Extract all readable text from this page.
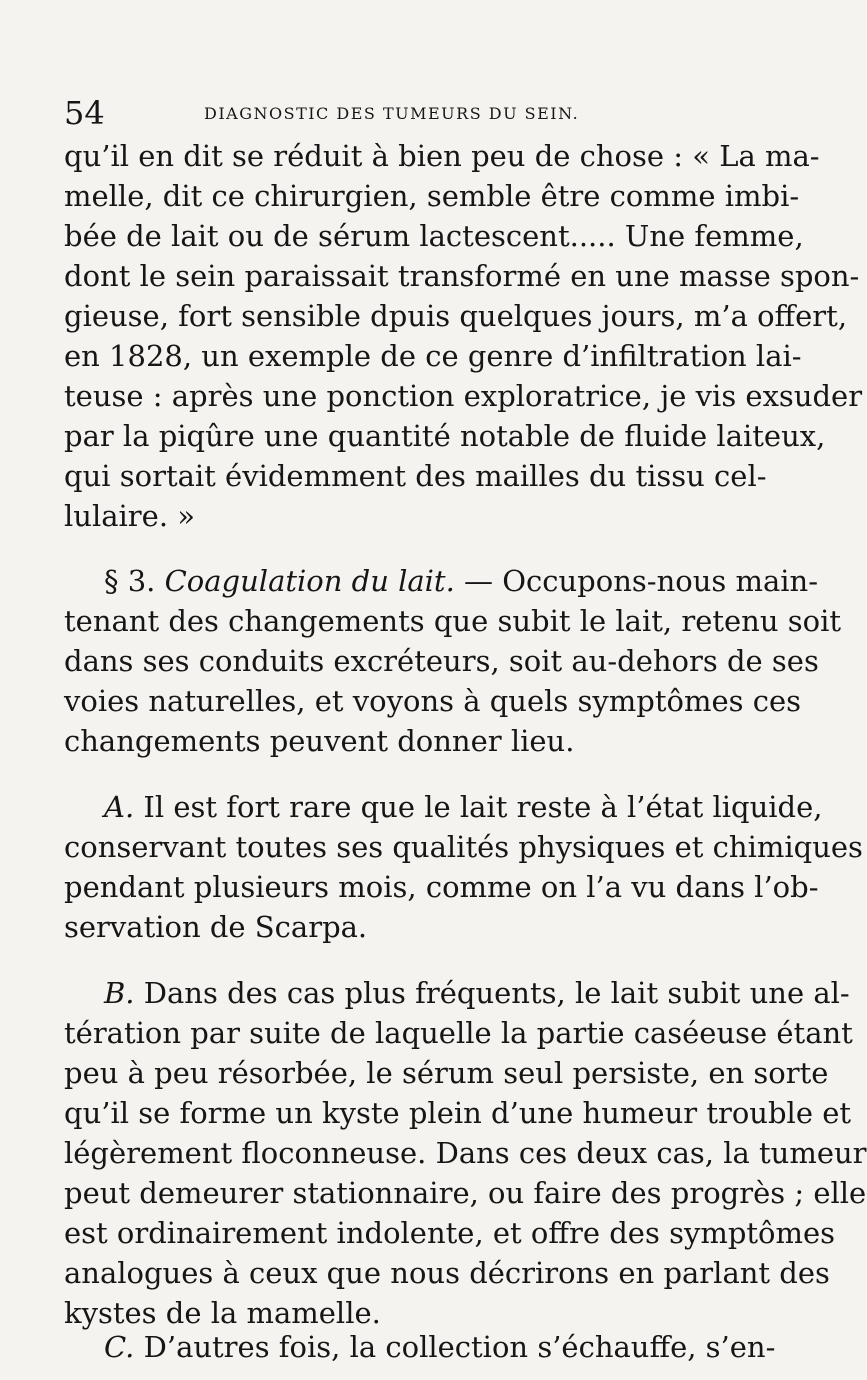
54	DIAGNOSTIC DES TUMEURS DU SEIN.
qu’il en dit se réduit à bien peu de chose : « La ma-
melle, dit ce chirurgien, semble être comme imbi-
bée de lait ou de sérum lactescent..... Une femme,
dont le sein paraissait transformé en une masse spon-
gieuse, fort sensible dpuis quelques jours, m’a offert,
en 1828, un exemple de ce genre d’infiltration lai-
teuse : après une ponction exploratrice, je vis exsuder
par la piqûre une quantité notable de fluide laiteux,
qui sortait évidemment des mailles du tissu cel-
lulaire. »
§ 3. Coagulation du lait. — Occupons-nous main-
tenant des changements que subit le lait, retenu soit
dans ses conduits excréteurs, soit au-dehors de ses
voies naturelles, et voyons à quels symptômes ces
changements peuvent donner lieu.
A. Il est fort rare que le lait reste à l’état liquide,
conservant toutes ses qualités physiques et chimiques
pendant plusieurs mois, comme on l’a vu dans l’ob-
servation de Scarpa.
B. Dans des cas plus fréquents, le lait subit une al-
tération par suite de laquelle la partie caséeuse étant
peu à peu résorbée, le sérum seul persiste, en sorte
qu’il se forme un kyste plein d’une humeur trouble et
légèrement floconneuse. Dans ces deux cas, la tumeur
peut demeurer stationnaire, ou faire des progrès ; elle
est ordinairement indolente, et offre des symptômes
analogues à ceux que nous décrirons en parlant des
kystes de la mamelle.
C. D’autres fois, la collection s’échauffe, s’en-
